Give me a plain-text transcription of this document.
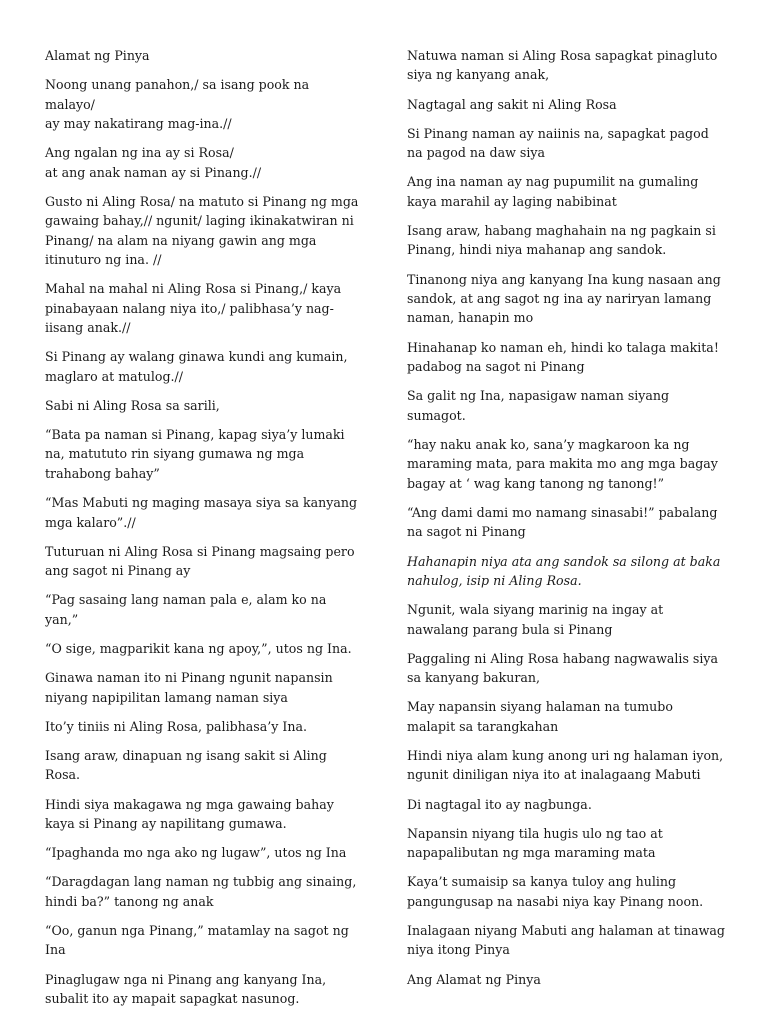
Alamat ng Pinya

Noong unang panahon,/ sa isang pook na malayo/
ay may nakatirang mag-ina.//

Ang ngalan ng ina ay si Rosa/
at ang anak naman ay si Pinang.//

Gusto ni Aling Rosa/ na matuto si Pinang ng mga gawaing bahay,// ngunit/ laging ikinakatwiran ni Pinang/ na alam na niyang gawin ang mga itinuturo ng ina. //

Mahal na mahal ni Aling Rosa si Pinang,/ kaya pinabayaan nalang niya ito,/ palibhasa’y nag-iisang anak.//

Si Pinang ay walang ginawa kundi ang kumain, maglaro at matulog.//

Sabi ni Aling Rosa sa sarili,

“Bata pa naman si Pinang, kapag siya’y lumaki na, matututo rin siyang gumawa ng mga trahabong bahay”

“Mas Mabuti ng maging masaya siya sa kanyang mga kalaro”.//

Tuturuan ni Aling Rosa si Pinang magsaing pero ang sagot ni Pinang ay

“Pag sasaing lang naman pala e, alam ko na yan,”

“O sige, magparikit kana ng apoy,”, utos ng Ina.

Ginawa naman ito ni Pinang ngunit napansin niyang napipilitan lamang naman siya

Ito’y tiniis ni Aling Rosa, palibhasa’y Ina.

Isang araw, dinapuan ng isang sakit si Aling Rosa.

Hindi siya makagawa ng mga gawaing bahay kaya si Pinang ay napilitang gumawa.

“Ipaghanda mo nga ako ng lugaw”, utos ng Ina

“Daragdagan lang naman ng tubbig ang sinaing, hindi ba?” tanong ng anak

“Oo, ganun nga Pinang,” matamlay na sagot ng Ina

Pinaglugaw nga ni Pinang ang kanyang Ina, subalit ito ay mapait sapagkat nasunog.

Natuwa naman si Aling Rosa sapagkat pinagluto siya ng kanyang anak,

Nagtagal ang sakit ni Aling Rosa

Si Pinang naman ay naiinis na, sapagkat pagod na pagod na daw siya

Ang ina naman ay nag pupumilit na gumaling kaya marahil ay laging nabibinat

Isang araw, habang maghahain na ng pagkain si Pinang, hindi niya mahanap ang sandok.

Tinanong niya ang kanyang Ina kung nasaan ang sandok, at ang sagot ng ina ay nariryan lamang naman, hanapin mo

Hinahanap ko naman eh, hindi ko talaga makita! padabog na sagot ni Pinang

Sa galit ng Ina, napasigaw naman siyang sumagot.

“hay naku anak ko, sana’y magkaroon ka ng maraming mata, para makita mo ang mga bagay bagay at ‘ wag kang tanong ng tanong!”

“Ang dami dami mo namang sinasabi!” pabalang na sagot ni Pinang

Hahanapin niya ata ang sandok sa silong at baka nahulog, isip ni Aling Rosa.

Ngunit, wala siyang marinig na ingay at nawalang parang bula si Pinang

Paggaling ni Aling Rosa habang nagwawalis siya sa kanyang bakuran,

May napansin siyang halaman na tumubo malapit sa tarangkahan

Hindi niya alam kung anong uri ng halaman iyon, ngunit diniligan niya ito at inalagaang Mabuti

Di nagtagal ito ay nagbunga.

Napansin niyang tila hugis ulo ng tao at napapalibutan ng mga maraming mata

Kaya’t sumaisip sa kanya tuloy ang huling pangungusap na nasabi niya kay Pinang noon.

Inalagaan niyang Mabuti ang halaman at tinawag niya itong Pinya

Ang Alamat ng Pinya
